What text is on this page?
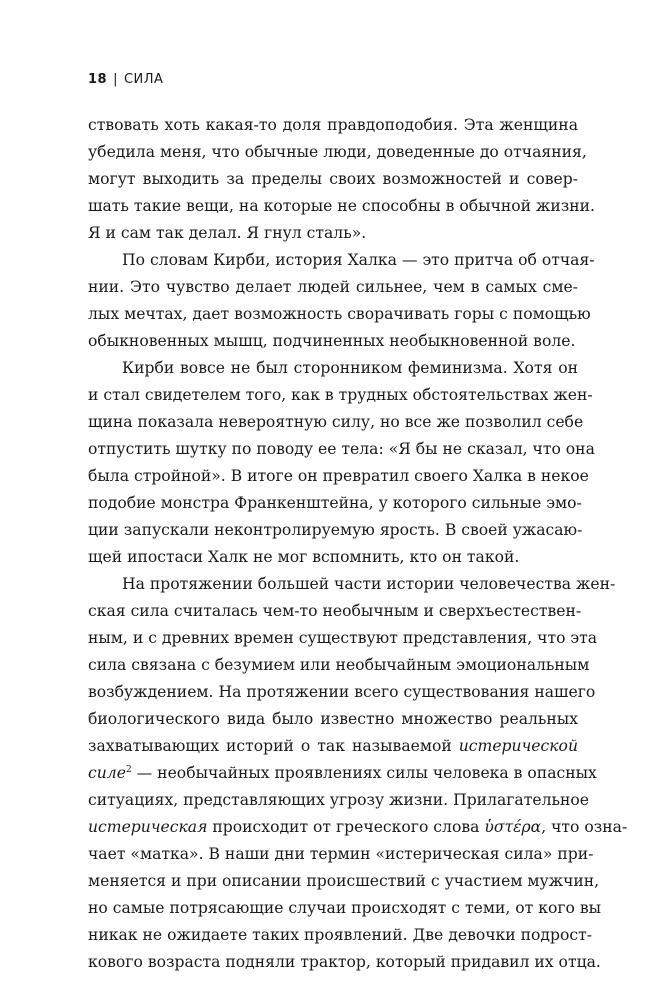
18 | СИЛА
ствовать хоть какая-то доля правдоподобия. Эта женщина
убедила меня, что обычные люди, доведенные до отчаяния,
могут выходить за пределы своих возможностей и совер-
шать такие вещи, на которые не способны в обычной жизни.
Я и сам так делал. Я гнул сталь».
По словам Кирби, история Халка — это притча об отчая-
нии. Это чувство делает людей сильнее, чем в самых сме-
лых мечтах, дает возможность сворачивать горы с помощью
обыкновенных мышц, подчиненных необыкновенной воле.
Кирби вовсе не был сторонником феминизма. Хотя он
и стал свидетелем того, как в трудных обстоятельствах жен-
щина показала невероятную силу, но все же позволил себе
отпустить шутку по поводу ее тела: «Я бы не сказал, что она
была стройной». В итоге он превратил своего Халка в некое
подобие монстра Франкенштейна, у которого сильные эмо-
ции запускали неконтролируемую ярость. В своей ужасаю-
щей ипостаси Халк не мог вспомнить, кто он такой.
На протяжении большей части истории человечества жен-
ская сила считалась чем-то необычным и сверхъестествен-
ным, и с древних времен существуют представления, что эта
сила связана с безумием или необычайным эмоциональным
возбуждением. На протяжении всего существования нашего
биологического вида было известно множество реальных
захватывающих историй о так называемой истерической
силе$^2$ — необычайных проявлениях силы человека в опасных
ситуациях, представляющих угрозу жизни. Прилагательное
истерическая происходит от греческого слова ὑστέρα, что озна-
чает «матка». В наши дни термин «истерическая сила» при-
меняется и при описании происшествий с участием мужчин,
но самые потрясающие случаи происходят с теми, от кого вы
никак не ожидаете таких проявлений. Две девочки подрост-
кового возраста подняли трактор, который придавил их отца.
